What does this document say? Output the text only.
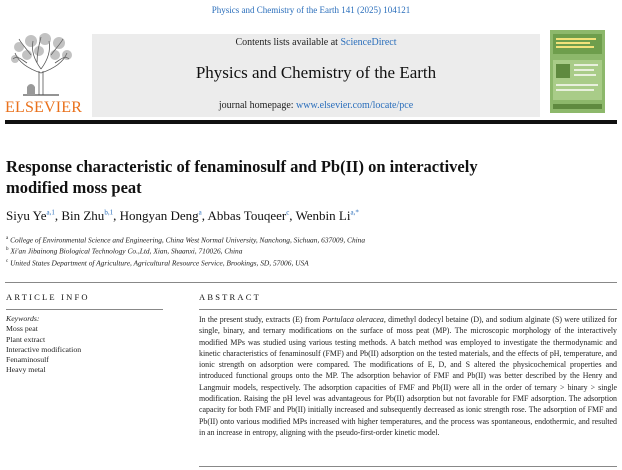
Physics and Chemistry of the Earth 141 (2025) 104121
ELSEVIER
Contents lists available at ScienceDirect
Physics and Chemistry of the Earth
journal homepage: www.elsevier.com/locate/pce
Response characteristic of fenaminosulf and Pb(II) on interactively
modified moss peat
Siyu Ye$^{a,1}$, Bin Zhu$^{b,1}$, Hongyan Deng$^a$, Abbas Touqeer$^c$, Wenbin $Li^{a,*}$
$^a$ College of Environmental Science and Engineering, China West Normal University, Nanchong, Sichuan, 637009, China
$^b$ Xi'an Jibainong Biological Technology Co.,Ltd, Xian, Shaanxi, 710026, China
$^c$ United States Department of Agriculture, Agricultural Resource Service, Brookings, SD, 57006, USA
ARTICLE INFO	ABSTRACT
Keywords:
Moss peat
Plant extract
Interactive modification
Fenaminosulf
Heavy metal

In the present study, extracts (E) from Portulaca oleracea, dimethyl dodecyl betaine (D), and sodium alginate (S) were utilized for single, binary, and ternary modifications on the surface of moss peat (MP). The microscopic morphology of the interactively modified MPs was studied using various testing methods. A batch method was employed to investigate the thermodynamic and kinetic characteristics of fenaminosulf (FMF) and Pb(II) adsorption on the tested materials, and the effects of pH, temperature, and ionic strength on adsorption were compared. The modifications of E, D, and S altered the physicochemical properties and introduced functional groups onto the MP. The adsorption behavior of FMF and Pb(II) was better described by the Henry and Langmuir models, respectively. The adsorption capacities of FMF and Pb(II) were all in the order of ternary > binary > single modification. Raising the pH level was advantageous for Pb(II) adsorption but not favorable for FMF adsorption. The adsorption capacity for both FMF and Pb(II) initially increased and subsequently decreased as ionic strength rose. The adsorption of FMF and Pb(II) onto various modified MPs increased with higher temperatures, and the process was spontaneous, endothermic, and resulted in an increase in entropy, aligning with the pseudo-first-order kinetic model.
